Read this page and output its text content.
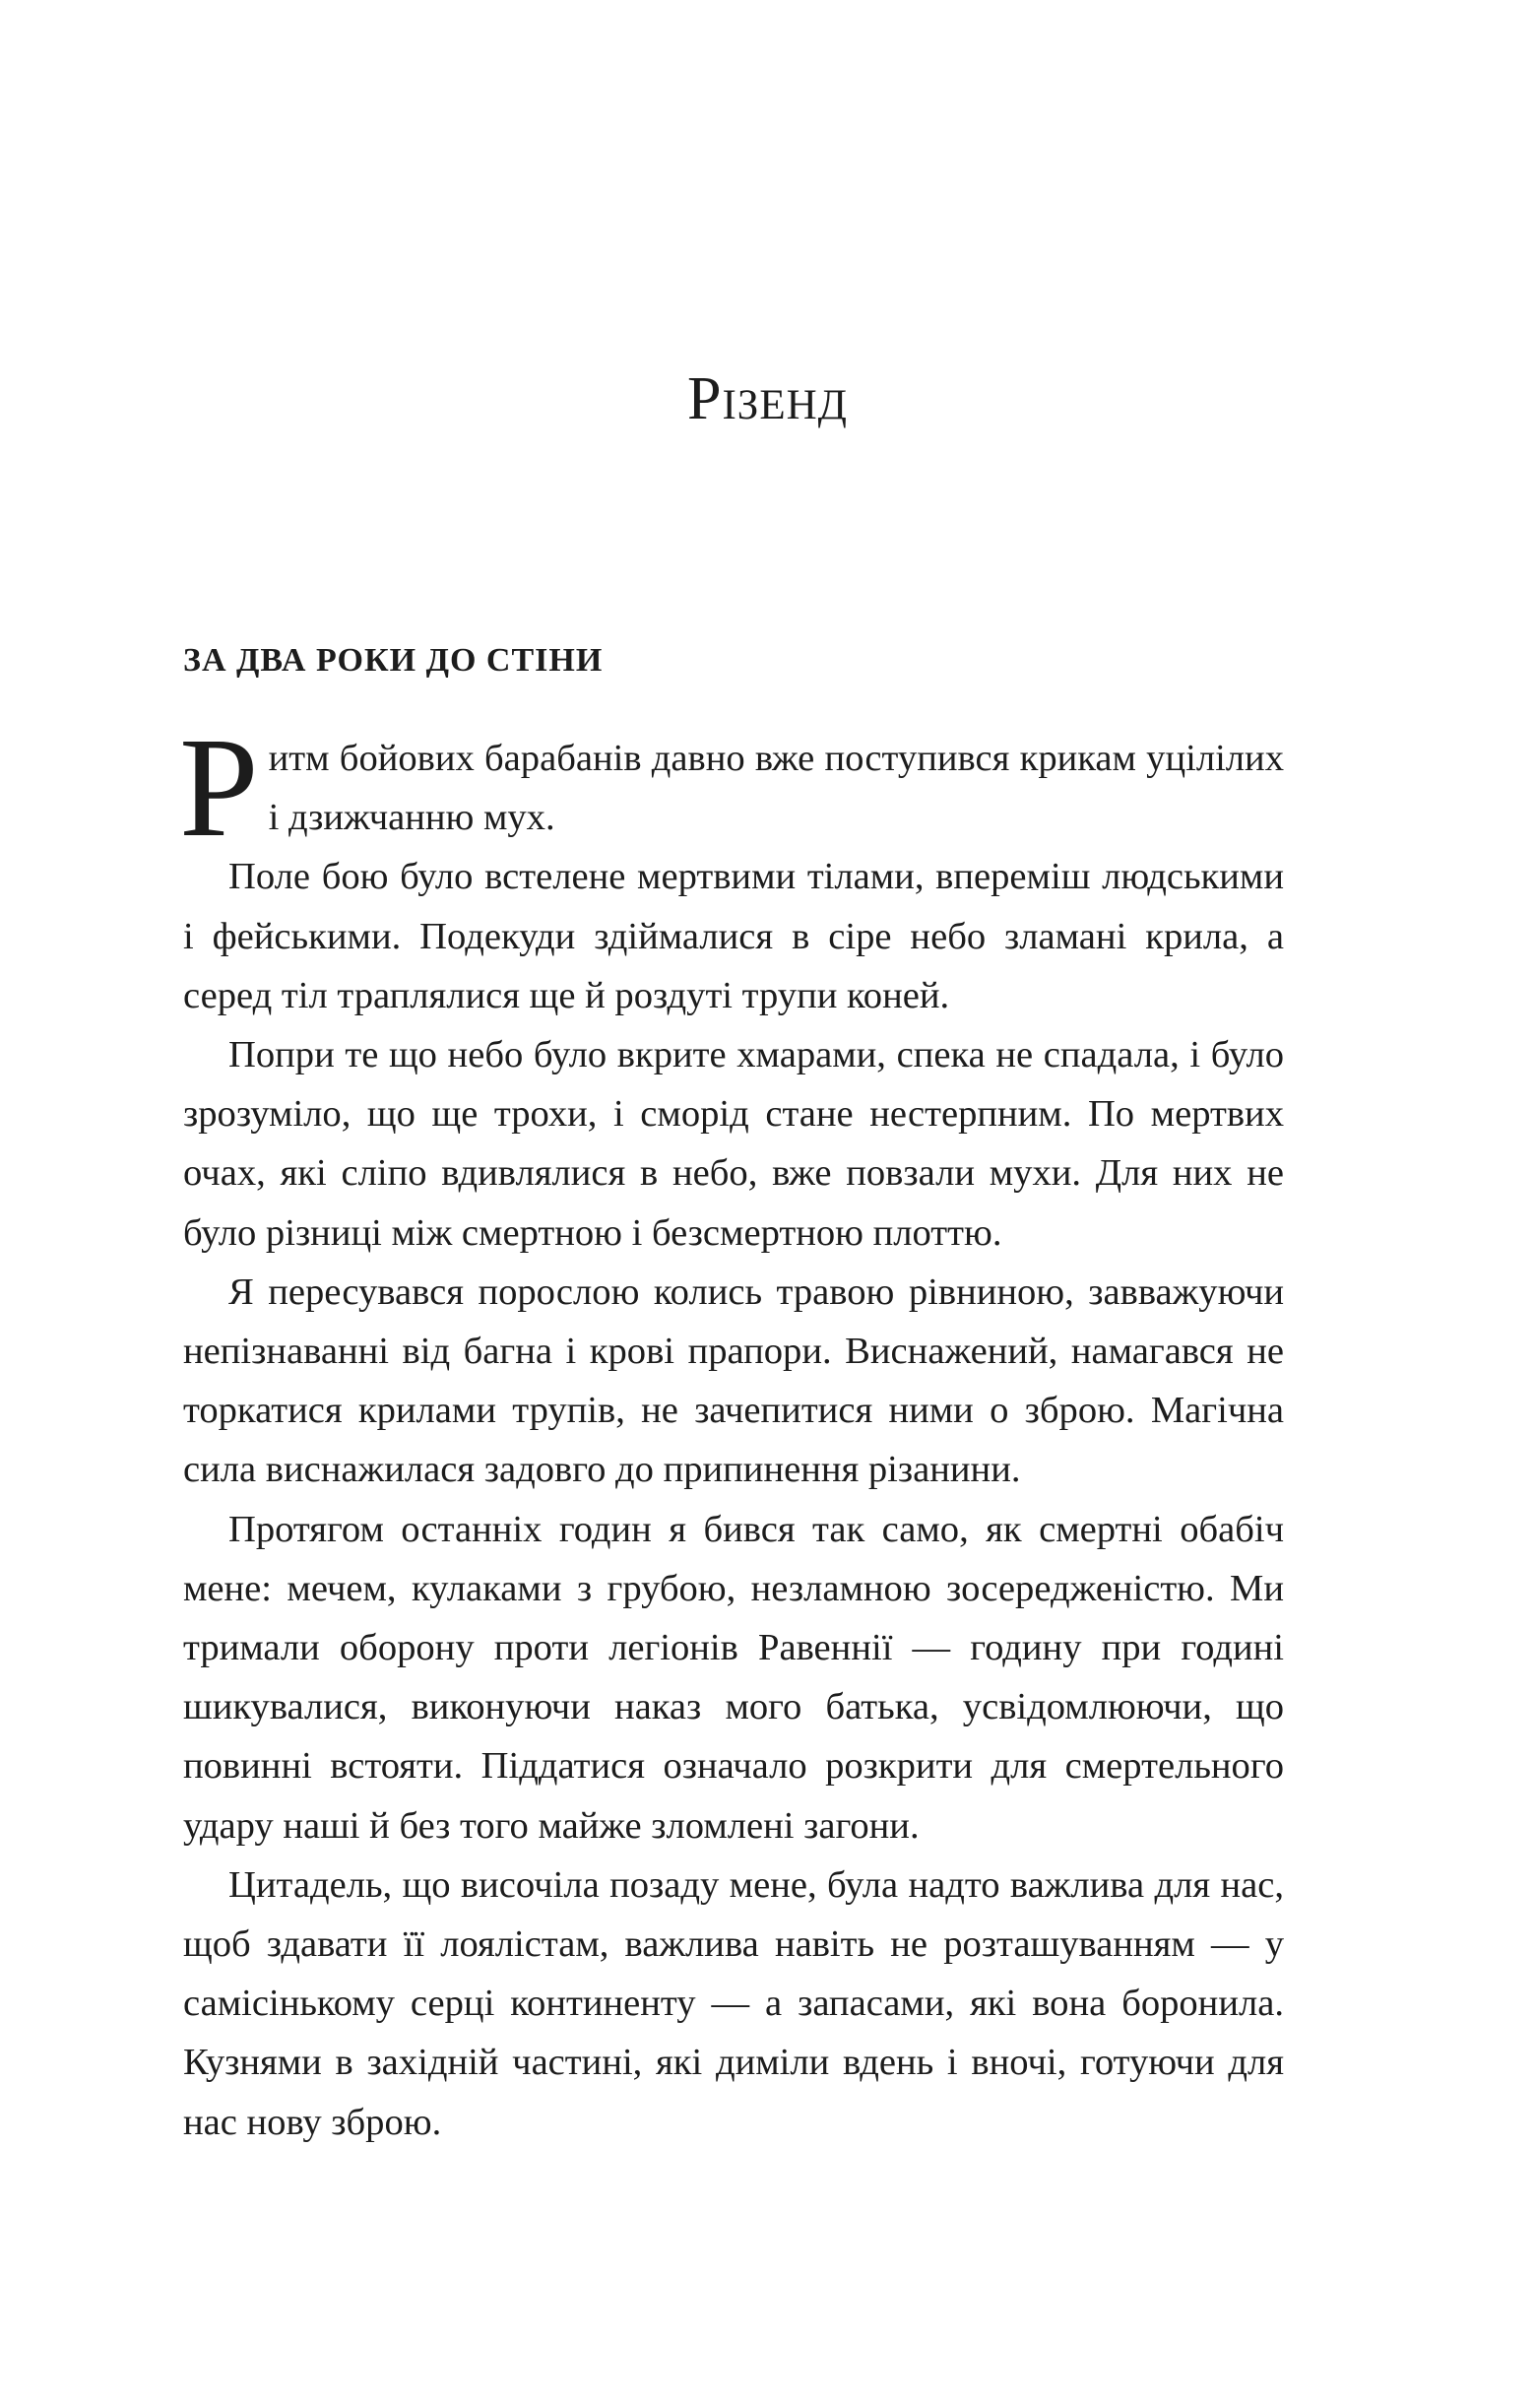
Різенд
ЗА ДВА РОКИ ДО СТІНИ

Ритм бойових барабанів давно вже поступився крикам уцілілих і дзижчанню мух.

Поле бою було встелене мертвими тілами, впереміш людськими і фейськими. Подекуди здіймалися в сіре небо зламані крила, а серед тіл траплялися ще й роздуті трупи коней.

Попри те що небо було вкрите хмарами, спека не спадала, і було зрозуміло, що ще трохи, і сморід стане нестерпним. По мертвих очах, які сліпо вдивлялися в небо, вже повзали мухи. Для них не було різниці між смертною і безсмертною плоттю.

Я пересувався порослою колись травою рівниною, завважуючи непізнаванні від багна і крові прапори. Виснажений, намагався не торкатися крилами трупів, не зачепитися ними о зброю. Магічна сила виснажилася задовго до припинення різанини.

Протягом останніх годин я бився так само, як смертні обабіч мене: мечем, кулаками з грубою, незламною зосередженістю. Ми тримали оборону проти легіонів Равеннії — годину при годині шикувалися, виконуючи наказ мого батька, усвідомлюючи, що повинні встояти. Піддатися означало розкрити для смертельного удару наші й без того майже зломлені загони.

Цитадель, що височіла позаду мене, була надто важлива для нас, щоб здавати її лоялістам, важлива навіть не розташуванням — у самісінькому серці континенту — а запасами, які вона боронила. Кузнями в західній частині, які диміли вдень і вночі, готуючи для нас нову зброю.
